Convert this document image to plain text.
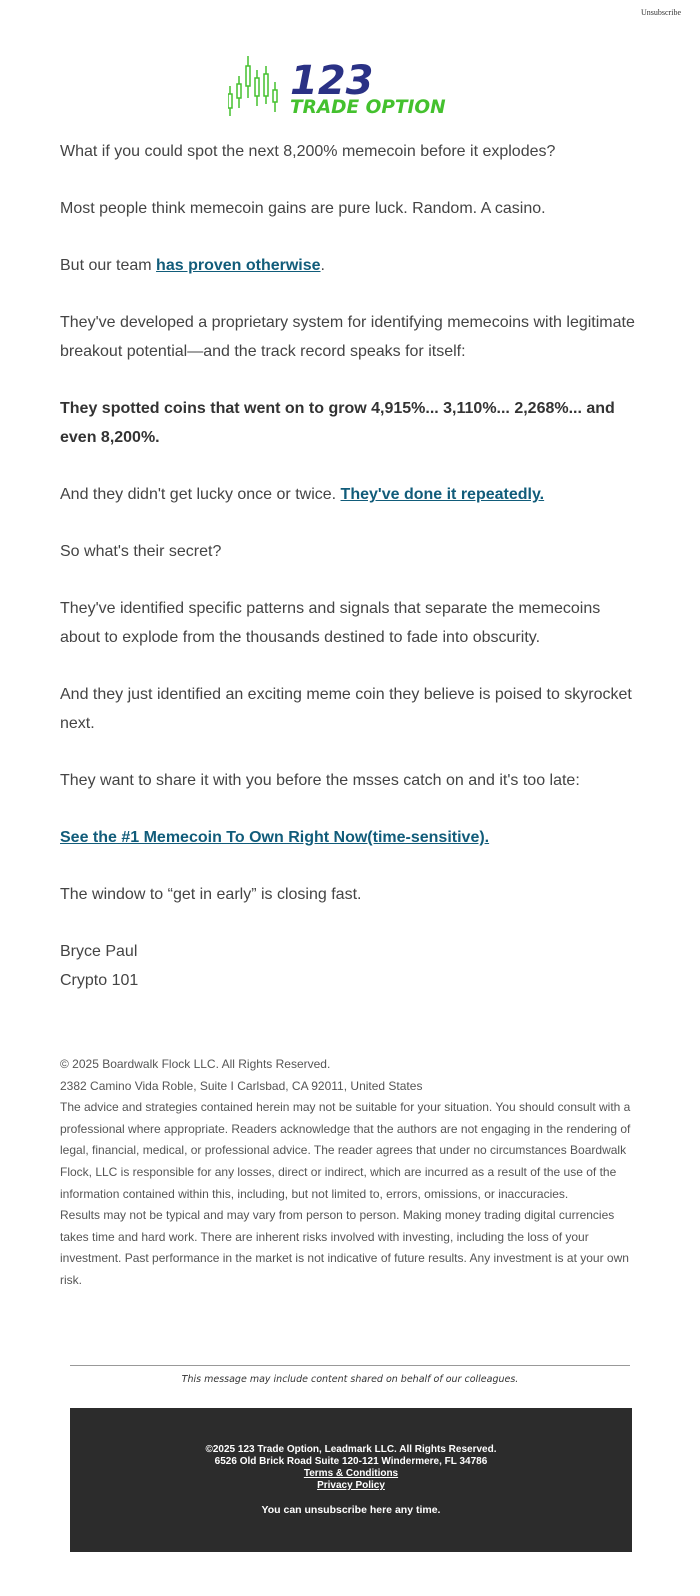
Unsubscribe
123
TRADE OPTION

What if you could spot the next 8,200% memecoin before it explodes?

Most people think memecoin gains are pure luck. Random. A casino.

But our team has proven otherwise.

They've developed a proprietary system for identifying memecoins with legitimate breakout potential—and the track record speaks for itself:

They spotted coins that went on to grow 4,915%... 3,110%... 2,268%... and even 8,200%.

And they didn't get lucky once or twice. They've done it repeatedly.

So what's their secret?

They've identified specific patterns and signals that separate the memecoins about to explode from the thousands destined to fade into obscurity.

And they just identified an exciting meme coin they believe is poised to skyrocket next.

They want to share it with you before the msses catch on and it's too late:

See the #1 Memecoin To Own Right Now(time-sensitive).

The window to “get in early” is closing fast.

Bryce Paul

Crypto 101

© 2025 Boardwalk Flock LLC. All Rights Reserved.
2382 Camino Vida Roble, Suite I Carlsbad, CA 92011, United States
The advice and strategies contained herein may not be suitable for your situation. You should consult with a professional where appropriate. Readers acknowledge that the authors are not engaging in the rendering of legal, financial, medical, or professional advice. The reader agrees that under no circumstances Boardwalk Flock, LLC is responsible for any losses, direct or indirect, which are incurred as a result of the use of the information contained within this, including, but not limited to, errors, omissions, or inaccuracies.
Results may not be typical and may vary from person to person. Making money trading digital currencies takes time and hard work. There are inherent risks involved with investing, including the loss of your investment. Past performance in the market is not indicative of future results. Any investment is at your own risk.
This message may include content shared on behalf of our colleagues.
©2025 123 Trade Option, Leadmark LLC. All Rights Reserved.
6526 Old Brick Road Suite 120-121 Windermere, FL 34786
Terms & Conditions
Privacy Policy
You can unsubscribe here any time.
